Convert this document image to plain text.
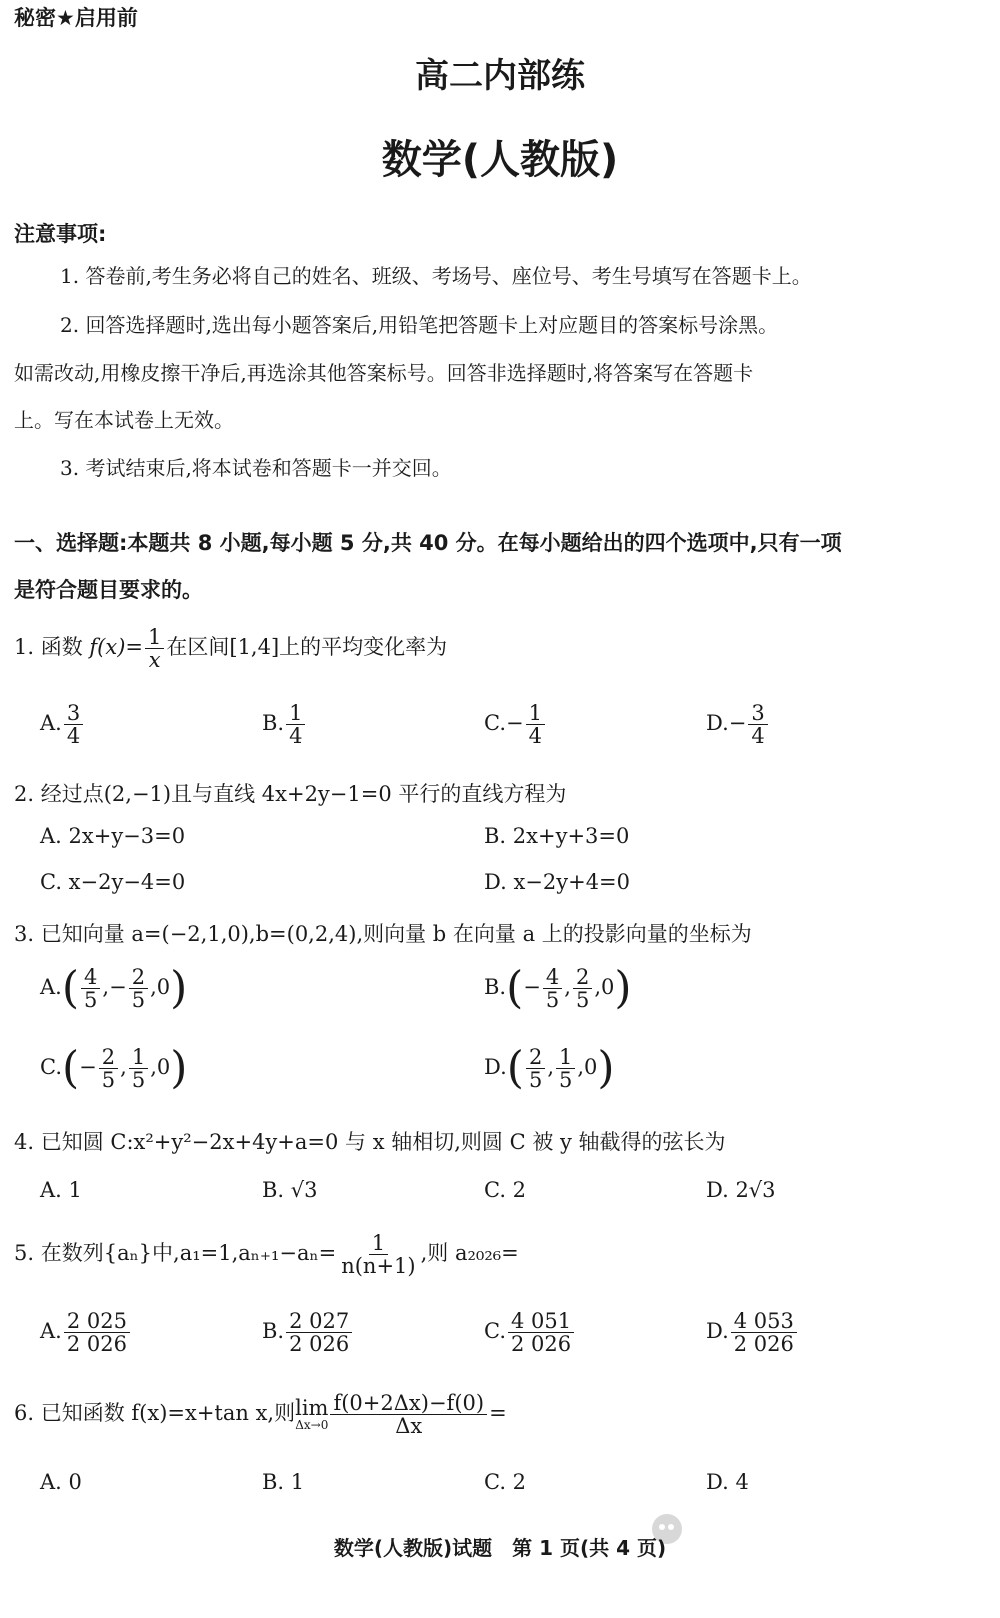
秘密★启用前
高二内部练
数学(人教版)
注意事项:
1. 答卷前,考生务必将自己的姓名、班级、考场号、座位号、考生号填写在答题卡上。
2. 回答选择题时,选出每小题答案后,用铅笔把答题卡上对应题目的答案标号涂黑。
如需改动,用橡皮擦干净后,再选涂其他答案标号。回答非选择题时,将答案写在答题卡
上。写在本试卷上无效。
3. 考试结束后,将本试卷和答题卡一并交回。
一、选择题:本题共 8 小题,每小题 5 分,共 40 分。在每小题给出的四个选项中,只有一项
是符合题目要求的。
1. 函数 $f(x)= \frac{1}{x}$ 在区间[1,4]上的平均变化率为
A. $\frac{3}{4}$	B. $\frac{1}{4}$	$C.- \frac{1}{4}$	$D.- \frac{3}{4}$
2. 经过点(2,−1)且与直线 4x+2y−1=0 平行的直线方程为
A. 2x+y−3=0	B. 2x+y+3=0
C. x−2y−4=0	D. x−2y+4=0
3. 已知向量 a=(−2,1,0),b=(0,2,4),则向量 b 在向量 a 上的投影向量的坐标为
$A.( \frac{4}{5}$ ,− $\frac{2}{5} ,0$)	$B.(- \frac{4}{5}$ , $\frac{2}{5} ,0$)
$C.(- \frac{2}{5}$ , $\frac{1}{5} ,0$)	$D.( \frac{2}{5}$ , $\frac{1}{5} ,0$)
4. 已知圆 C:x²+y²−2x+4y+a=0 与 x 轴相切,则圆 C 被 y 轴截得的弦长为
A. 1	B. √3	C. 2	D. 2√3
5. 在数列{aₙ}中$,a_1=1,a_{n+1}-a_n= \frac{1}{n(n+1)}$ ,则 a₂₀₂₆=
A. $\frac{2 025}{2 026}$	B. $\frac{2 027}{2 026}$	C. $\frac{4 051}{2 026}$	D. $\frac{4 053}{2 026}$
6. 已知函数 f(x)=x+tan x,则 lim
$\Delta x\to 0 \frac{f(0+2\Delta x)-f(0)}{\Delta x}$ =
A. 0	B. 1	C. 2	D. 4
数学(人教版)试题　第 1 页(共 4 页)
